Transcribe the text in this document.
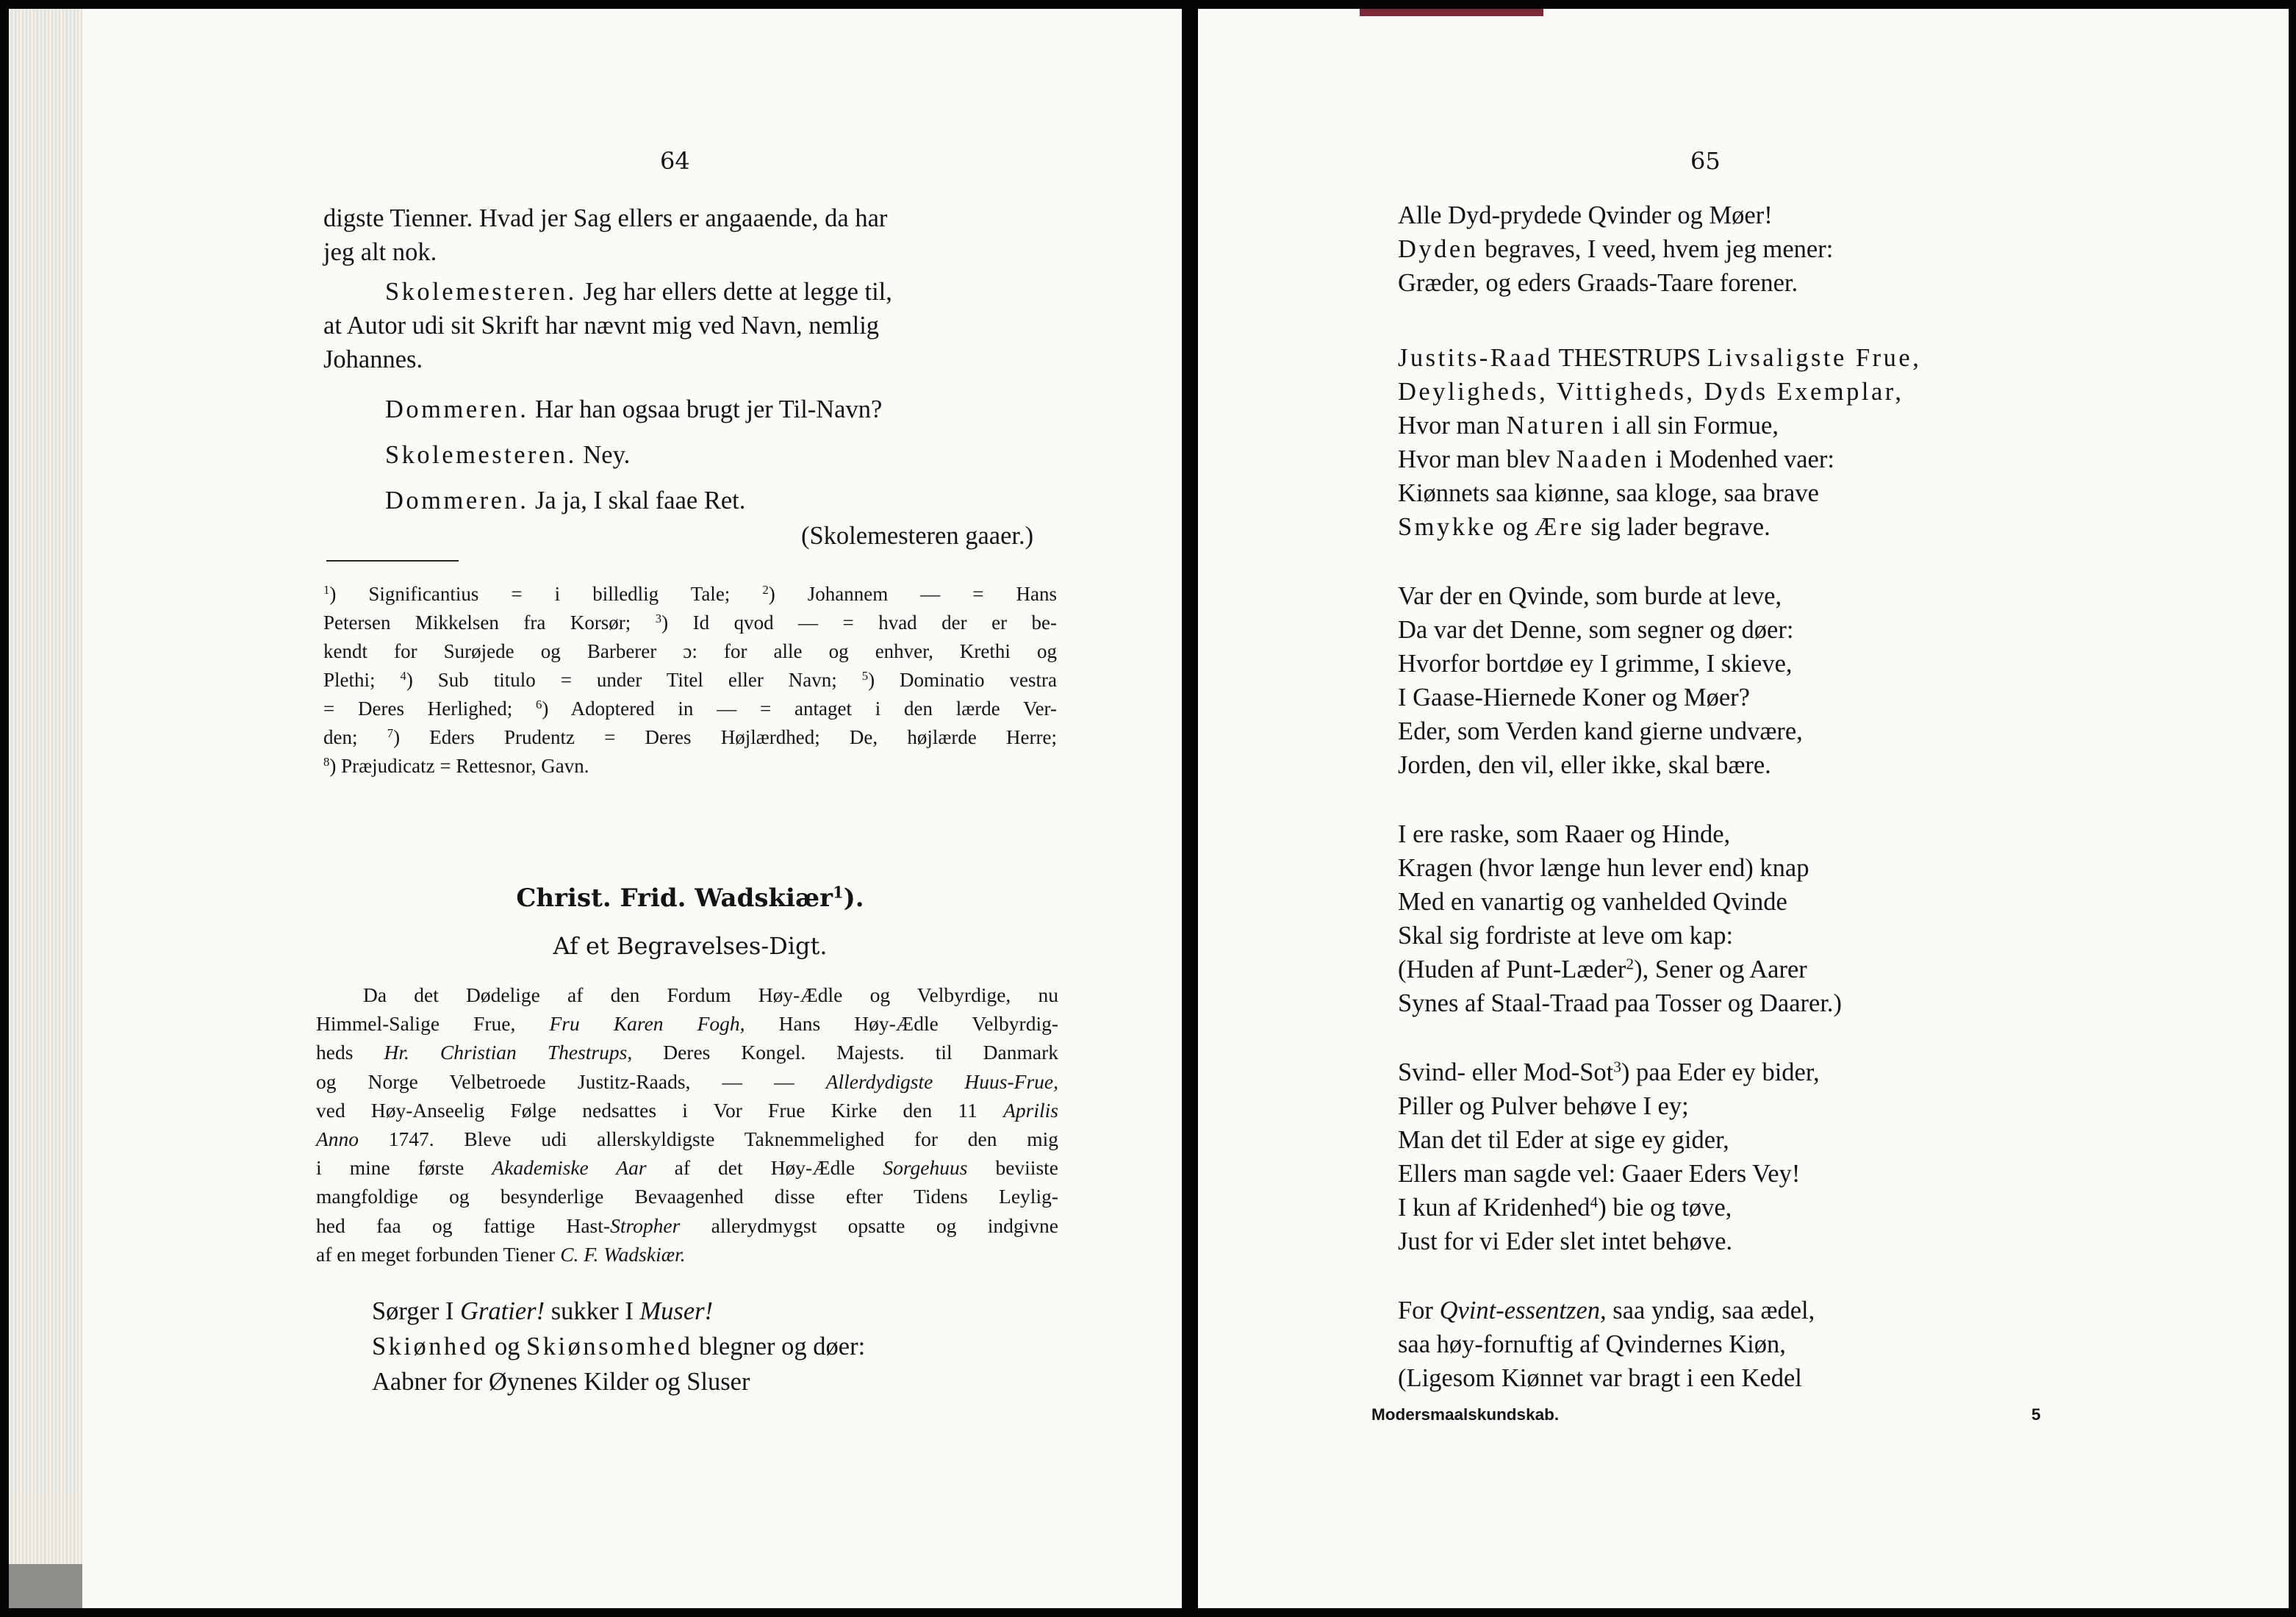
64
digste Tienner. Hvad jer Sag ellers er angaaende, da har
jeg alt nok.
Skolemesteren. Jeg har ellers dette at legge til,
at Autor udi sit Skrift har nævnt mig ved Navn, nemlig
Johannes.
Dommeren. Har han ogsaa brugt jer Til-Navn?
Skolemesteren. Ney.
Dommeren. Ja ja, I skal faae Ret.
(Skolemesteren gaaer.)
$^1$) Significantius = i billedlig Tale; $^2$) Johannem — = Hans
Petersen Mikkelsen fra Korsør; $^3$) Id qvod — = hvad der er be-
kendt for Surøjede og Barberer ɔ: for alle og enhver, Krethi og
Plethi; $^4$) Sub titulo = under Titel eller Navn; $^5$) Dominatio vestra
= Deres Herlighed; $^6$) Adoptered in — = antaget i den lærde Ver-
den; $^7$) Eders Prudentz = Deres Højlærdhed; De, højlærde Herre;
$^8$) Præjudicatz = Rettesnor, Gavn.
Christ. Frid. Wadskiær$^1$).
Af et Begravelses-Digt.
Da det Dødelige af den Fordum Høy-Ædle og Velbyrdige, nu
Himmel-Salige Frue, Fru Karen Fogh, Hans Høy-Ædle Velbyrdig-
heds Hr. Christian Thestrups, Deres Kongel. Majests. til Danmark
og Norge Velbetroede Justitz-Raads, — — Allerdydigste Huus-Frue,
ved Høy-Anseelig Følge nedsattes i Vor Frue Kirke den 11 Aprilis
Anno 1747. Bleve udi allerskyldigste Taknemmelighed for den mig
i mine første Akademiske Aar af det Høy-Ædle Sorgehuus beviiste
mangfoldige og besynderlige Bevaagenhed disse efter Tidens Leylig-
hed faa og fattige Hast-Stropher allerydmygst opsatte og indgivne
af en meget forbunden Tiener C. F. Wadskiær.
Sørger I Gratier! sukker I Muser!
Skiønhed og Skiønsomhed blegner og døer:
Aabner for Øynenes Kilder og Sluser
65
Alle Dyd-prydede Qvinder og Møer!
Dyden begraves, I veed, hvem jeg mener:
Græder, og eders Graads-Taare forener.
Justits-Raad THESTRUPS Livsaligste Frue,
Deyligheds, Vittigheds, Dyds Exemplar,
Hvor man Naturen i all sin Formue,
Hvor man blev Naaden i Modenhed vaer:
Kiønnets saa kiønne, saa kloge, saa brave
Smykke og Ære sig lader begrave.
Var der en Qvinde, som burde at leve,
Da var det Denne, som segner og døer:
Hvorfor bortdøe ey I grimme, I skieve,
I Gaase-Hiernede Koner og Møer?
Eder, som Verden kand gierne undvære,
Jorden, den vil, eller ikke, skal bære.
I ere raske, som Raaer og Hinde,
Kragen (hvor længe hun lever end) knap
Med en vanartig og vanhelded Qvinde
Skal sig fordriste at leve om kap:
(Huden af Punt-Læder$^2$), Sener og Aarer
Synes af Staal-Traad paa Tosser og Daarer.)
Svind- eller Mod-Sot$^3$) paa Eder ey bider,
Piller og Pulver behøve I ey;
Man det til Eder at sige ey gider,
Ellers man sagde vel: Gaaer Eders Vey!
I kun af Kridenhed$^4$) bie og tøve,
Just for vi Eder slet intet behøve.
For Qvint-essentzen, saa yndig, saa ædel,
saa høy-fornuftig af Qvindernes Kiøn,
(Ligesom Kiønnet var bragt i een Kedel
Modersmaalskundskab.	5
